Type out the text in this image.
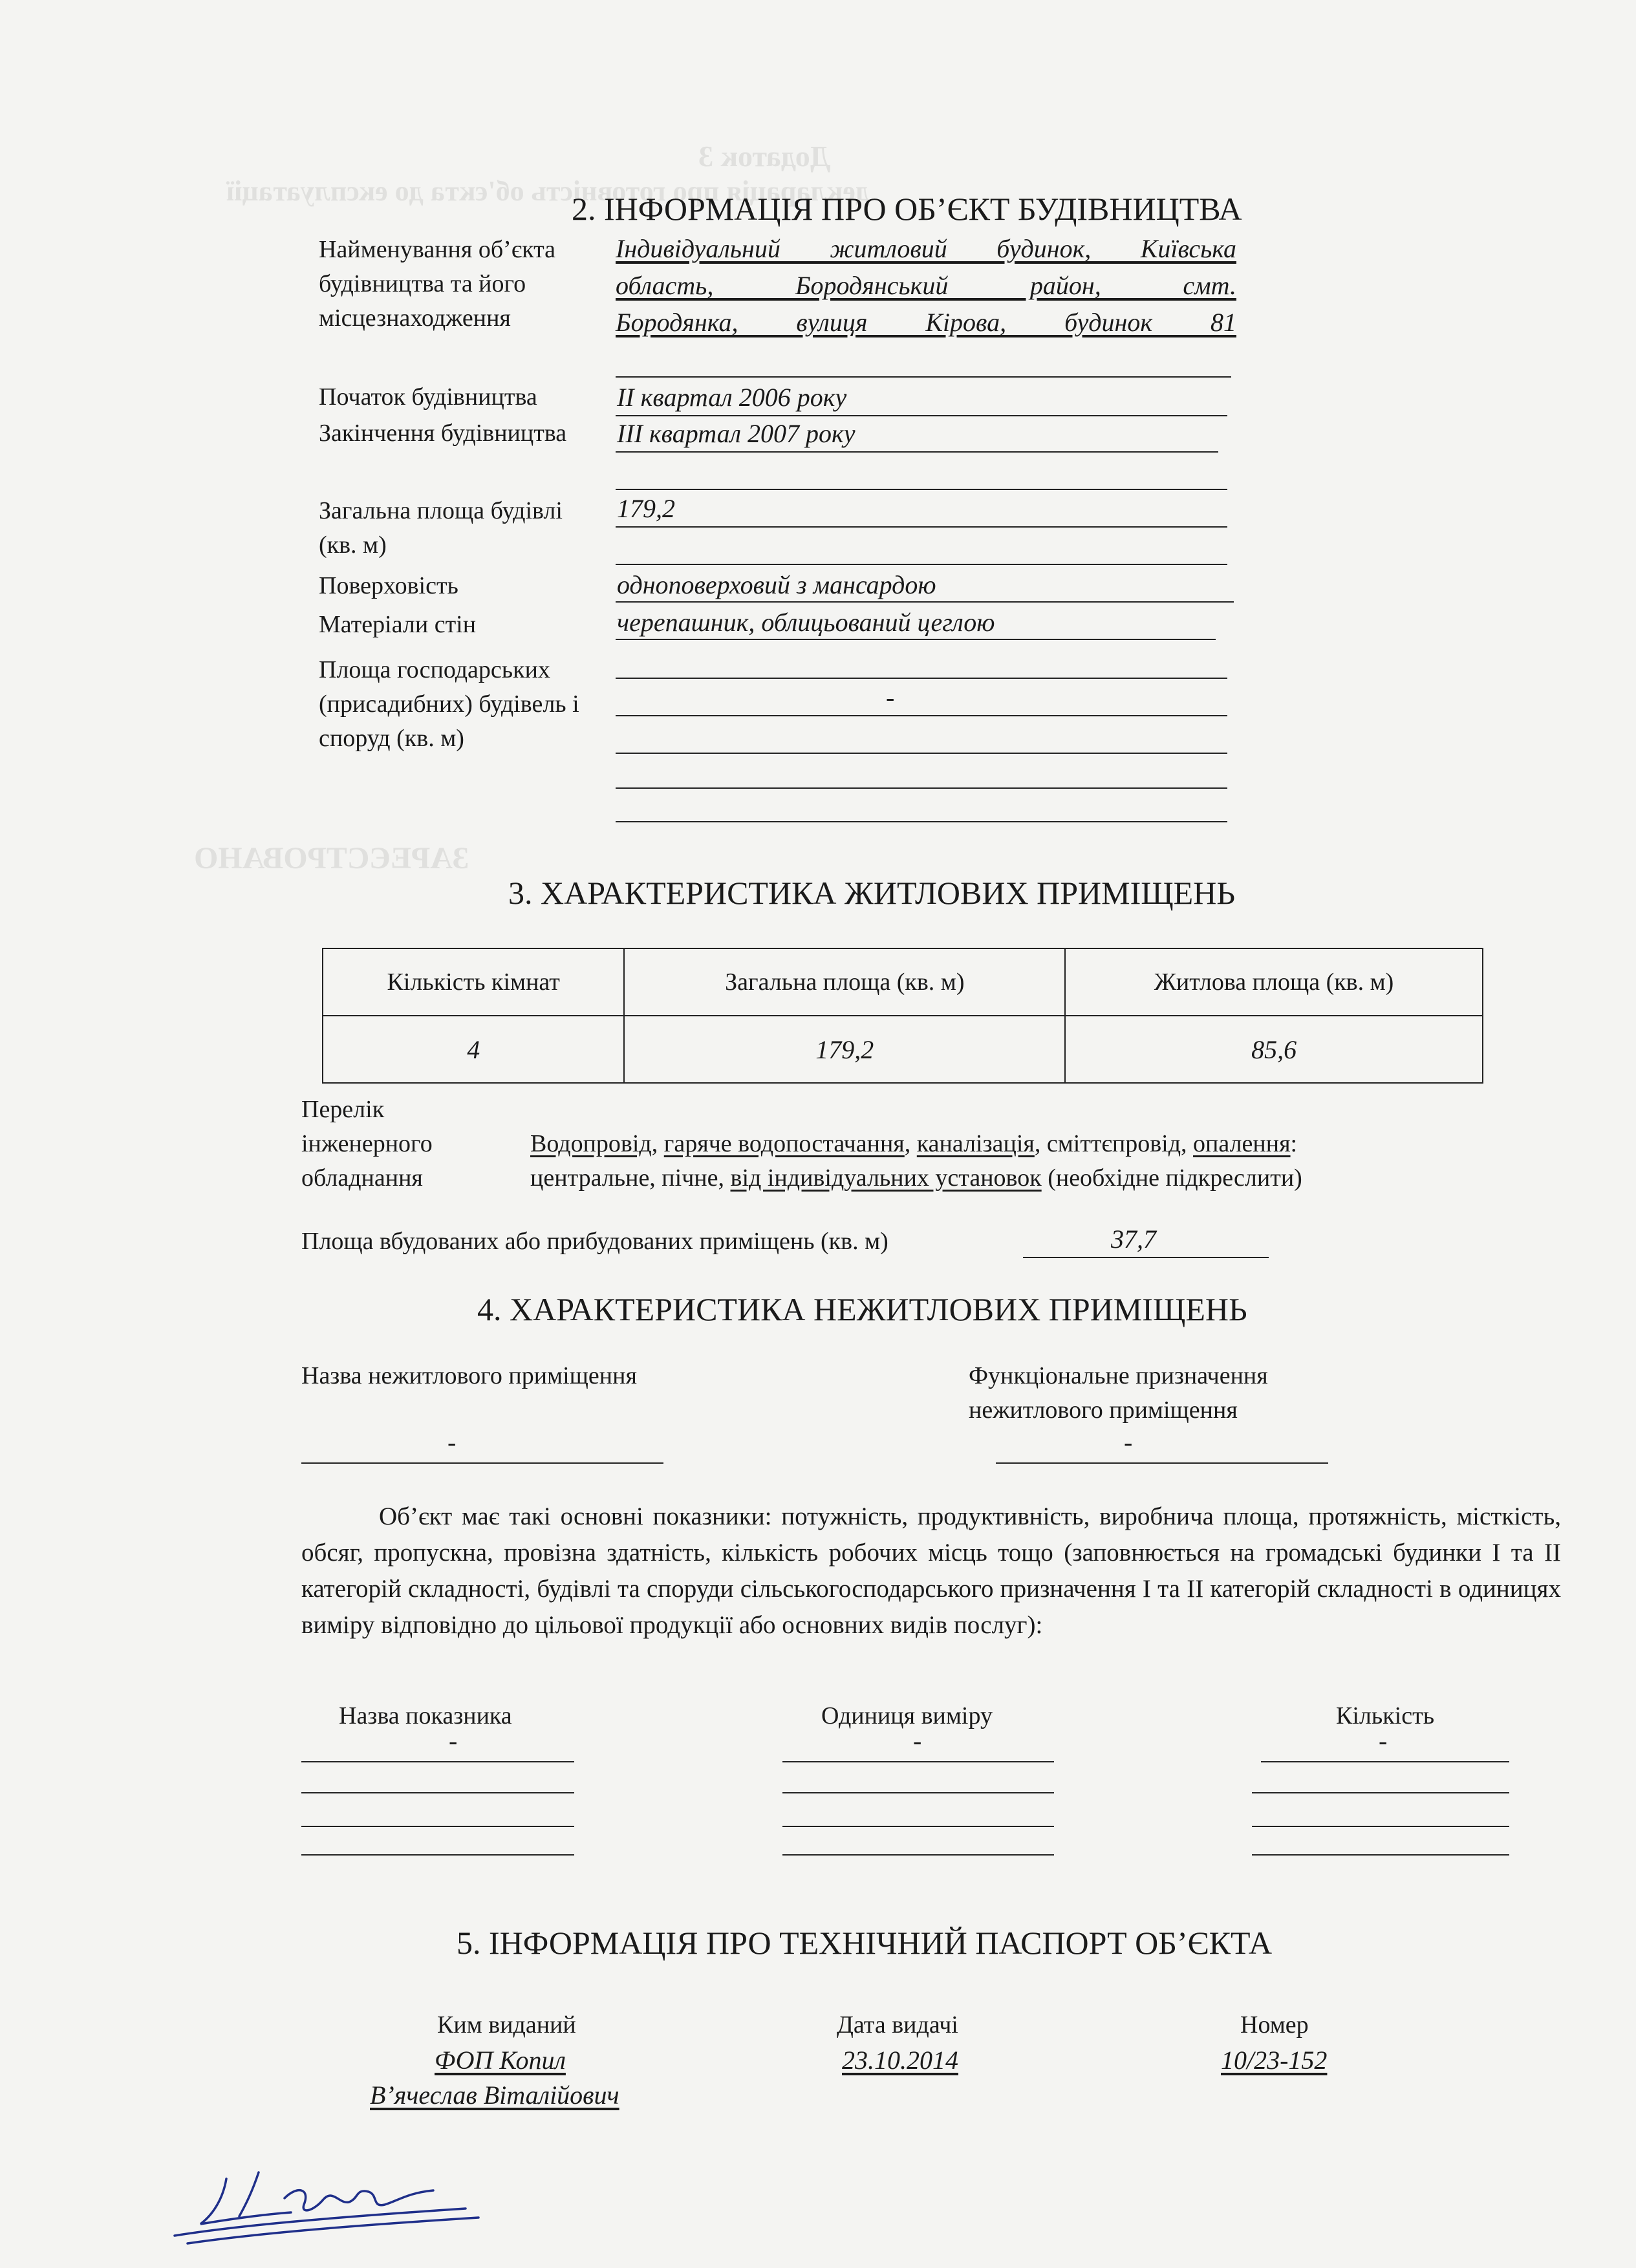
Додаток 3
декларація про готовність об'єкта до експлуатації
ЗАРЕЄСТРОВАНО
2. ІНФОРМАЦІЯ ПРО ОБ’ЄКТ БУДІВНИЦТВА
Найменування об’єкта будівництва та його місцезнаходження
Індивідуальний житловий будинок, Київська
область, Бородянський район, смт.
Бородянка, вулиця Кірова, будинок 81
Початок будівництва	ІІ квартал 2006 року
Закінчення будівництва	ІІІ квартал 2007 року
Загальна площа будівлі (кв. м)
179,2
Поверховість	одноповерховий з мансардою
Матеріали стін	черепашник, облицьований цеглою
Площа господарських (присадибних) будівель і споруд (кв. м)
-
3. ХАРАКТЕРИСТИКА ЖИТЛОВИХ ПРИМІЩЕНЬ
Кількість кімнат	Загальна площа (кв. м)	Житлова площа (кв. м)
4	179,2	85,6
Перелік інженерного обладнання
Водопровід, гаряче водопостачання, каналізація, сміттєпровід, опалення:
центральне, пічне, від індивідуальних установок (необхідне підкреслити)
Площа вбудованих або прибудованих приміщень (кв. м)	37,7
4. ХАРАКТЕРИСТИКА НЕЖИТЛОВИХ ПРИМІЩЕНЬ
Назва нежитлового приміщення	Функціональне призначення нежитлового приміщення
-	-
Об’єкт має такі основні показники: потужність, продуктивність, виробнича площа, протяжність, місткість, обсяг, пропускна, провізна здатність, кількість робочих місць тощо (заповнюється на громадські будинки І та ІІ категорій складності, будівлі та споруди сільськогосподарського призначення І та ІІ категорій складності в одиницях виміру відповідно до цільової продукції або основних видів послуг):
Назва показника	Одиниця виміру	Кількість
-	-	-
5. ІНФОРМАЦІЯ ПРО ТЕХНІЧНИЙ ПАСПОРТ ОБ’ЄКТА
Ким виданий
ФОП Копил
В’ячеслав Віталійович
Дата видачі
23.10.2014
Номер
10/23-152
